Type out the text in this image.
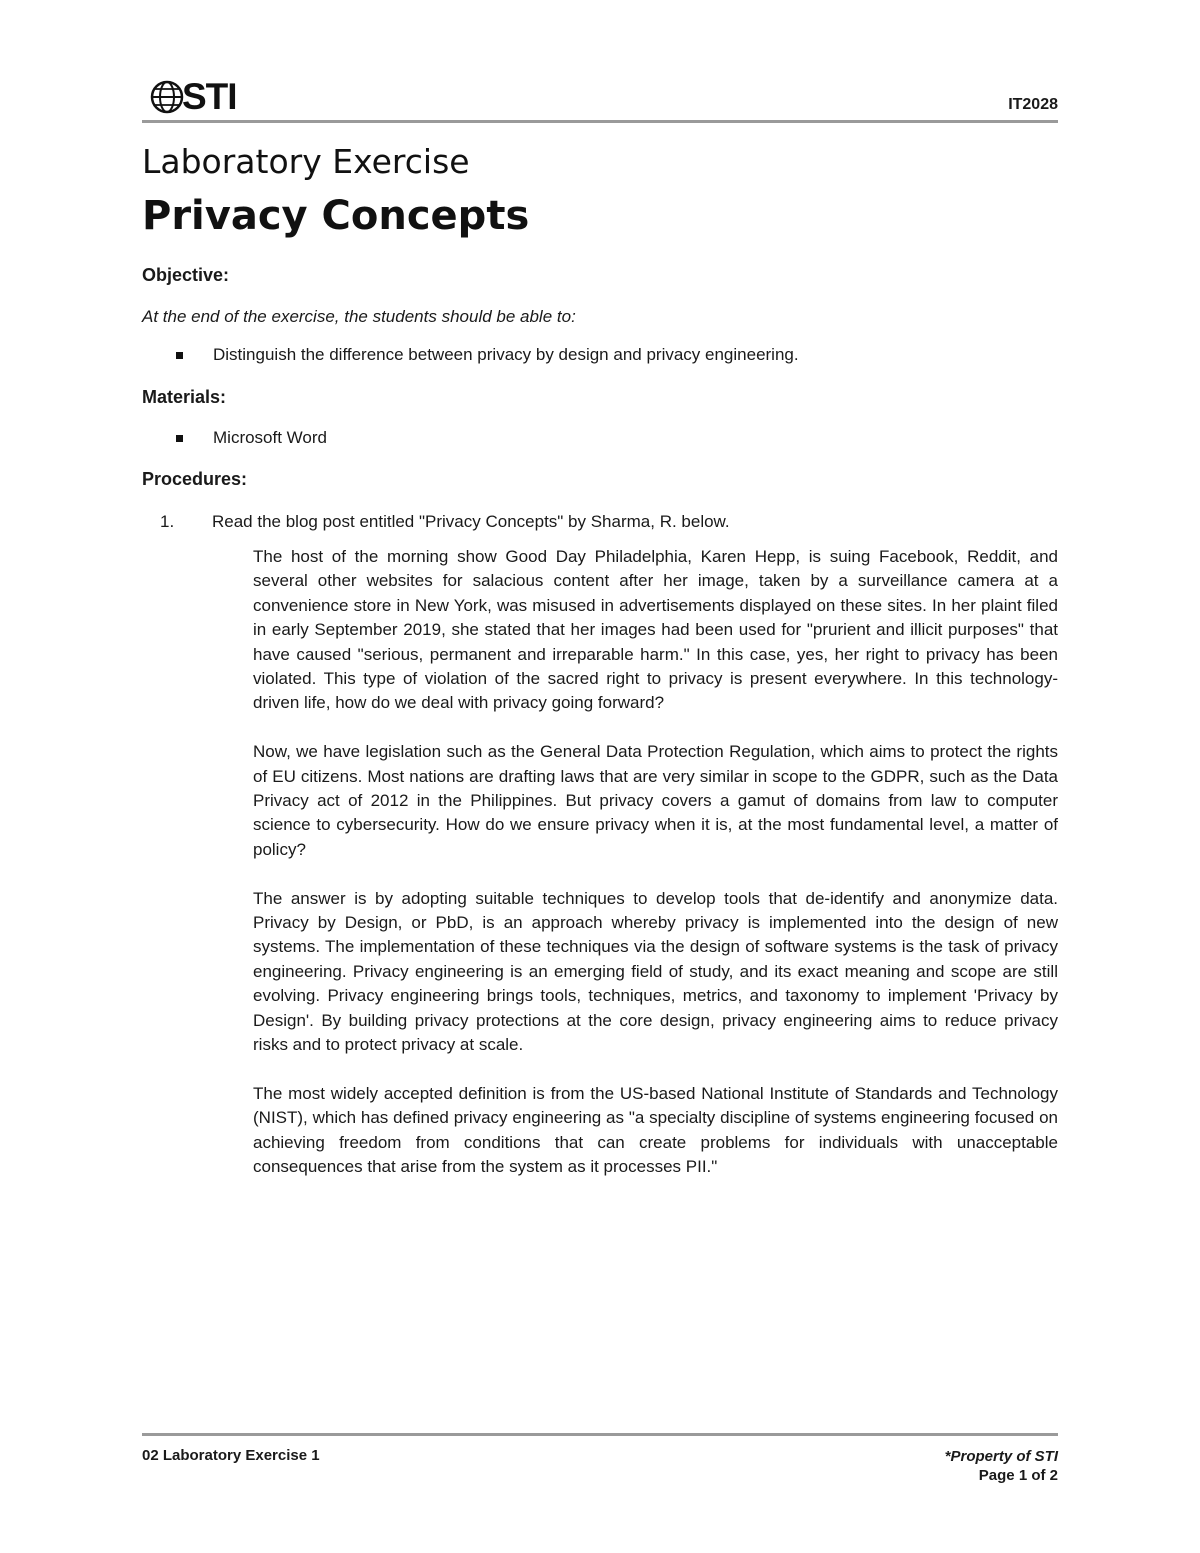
STI	IT2028
Laboratory Exercise
Privacy Concepts
Objective:
At the end of the exercise, the students should be able to:
Distinguish the difference between privacy by design and privacy engineering.
Materials:
Microsoft Word
Procedures:
1.	Read the blog post entitled "Privacy Concepts" by Sharma, R. below.

The host of the morning show Good Day Philadelphia, Karen Hepp, is suing Facebook, Reddit, and several other websites for salacious content after her image, taken by a surveillance camera at a convenience store in New York, was misused in advertisements displayed on these sites. In her plaint filed in early September 2019, she stated that her images had been used for "prurient and illicit purposes" that have caused "serious, permanent and irreparable harm." In this case, yes, her right to privacy has been violated. This type of violation of the sacred right to privacy is present everywhere. In this technology-driven life, how do we deal with privacy going forward?

Now, we have legislation such as the General Data Protection Regulation, which aims to protect the rights of EU citizens. Most nations are drafting laws that are very similar in scope to the GDPR, such as the Data Privacy act of 2012 in the Philippines. But privacy covers a gamut of domains from law to computer science to cybersecurity. How do we ensure privacy when it is, at the most fundamental level, a matter of policy?

The answer is by adopting suitable techniques to develop tools that de-identify and anonymize data. Privacy by Design, or PbD, is an approach whereby privacy is implemented into the design of new systems. The implementation of these techniques via the design of software systems is the task of privacy engineering. Privacy engineering is an emerging field of study, and its exact meaning and scope are still evolving. Privacy engineering brings tools, techniques, metrics, and taxonomy to implement 'Privacy by Design'. By building privacy protections at the core design, privacy engineering aims to reduce privacy risks and to protect privacy at scale.

The most widely accepted definition is from the US-based National Institute of Standards and Technology (NIST), which has defined privacy engineering as "a specialty discipline of systems engineering focused on achieving freedom from conditions that can create problems for individuals with unacceptable consequences that arise from the system as it processes PII."

02 Laboratory Exercise 1	*Property of STI
Page 1 of 2
